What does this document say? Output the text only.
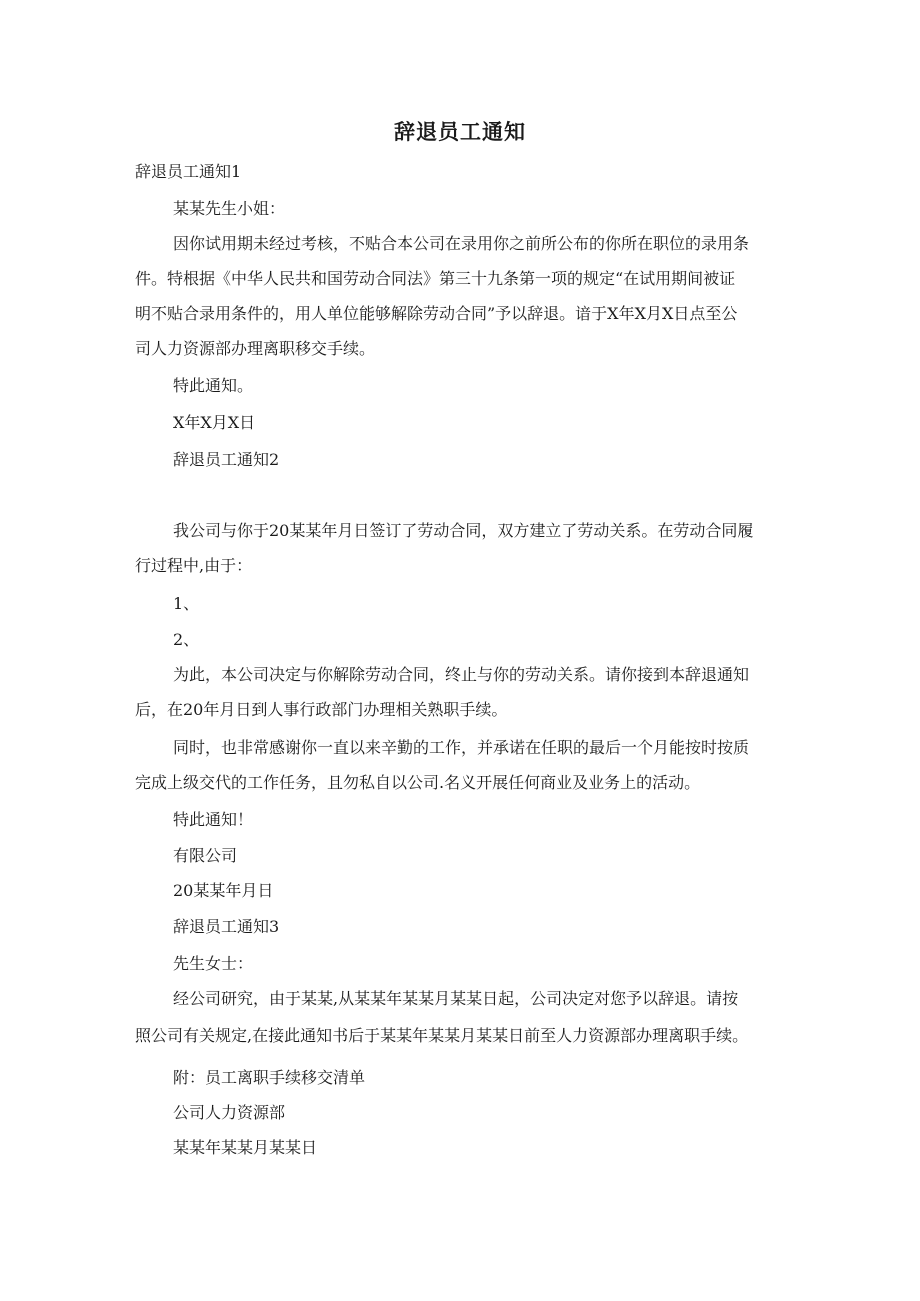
辞退员工通知

辞退员工通知1

某某先生小姐：

因你试用期未经过考核，不贴合本公司在录用你之前所公布的你所在职位的录用条

件。特根据《中华人民共和国劳动合同法》第三十九条第一项的规定“在试用期间被证

明不贴合录用条件的，用人单位能够解除劳动合同”予以辞退。谙于X年X月X日点至公

司人力资源部办理离职移交手续。

特此通知。

X年X月X日

辞退员工通知2

我公司与你于20某某年月日签订了劳动合同，双方建立了劳动关系。在劳动合同履

行过程中,由于：

1、

2、

为此，本公司决定与你解除劳动合同，终止与你的劳动关系。请你接到本辞退通知

后，在20年月日到人事行政部门办理相关熟职手续。

同时，也非常感谢你一直以来辛勤的工作，并承诺在任职的最后一个月能按时按质

完成上级交代的工作任务，且勿私自以公司.名义开展任何商业及业务上的活动。

特此通知！

有限公司

20某某年月日

辞退员工通知3

先生女士：

经公司研究，由于某某,从某某年某某月某某日起，公司决定对您予以辞退。请按

照公司有关规定,在接此通知书后于某某年某某月某某日前至人力资源部办理离职手续。

附：员工离职手续移交清单

公司人力资源部

某某年某某月某某日
